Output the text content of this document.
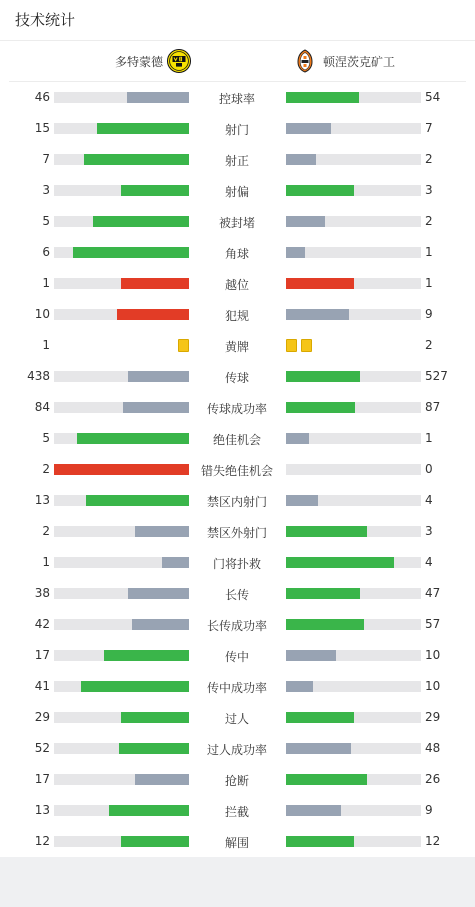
技术统计
多特蒙德	顿涅茨克矿工
46	控球率	54
15	射门	7
7	射正	2
3	射偏	3
5	被封堵	2
6	角球	1
1	越位	1
10	犯规	9
1	黄牌	2
438	传球	527
84	传球成功率	87
5	绝佳机会	1
2	错失绝佳机会	0
13	禁区内射门	4
2	禁区外射门	3
1	门将扑救	4
38	长传	47
42	长传成功率	57
17	传中	10
41	传中成功率	10
29	过人	29
52	过人成功率	48
17	抢断	26
13	拦截	9
12	解围	12
